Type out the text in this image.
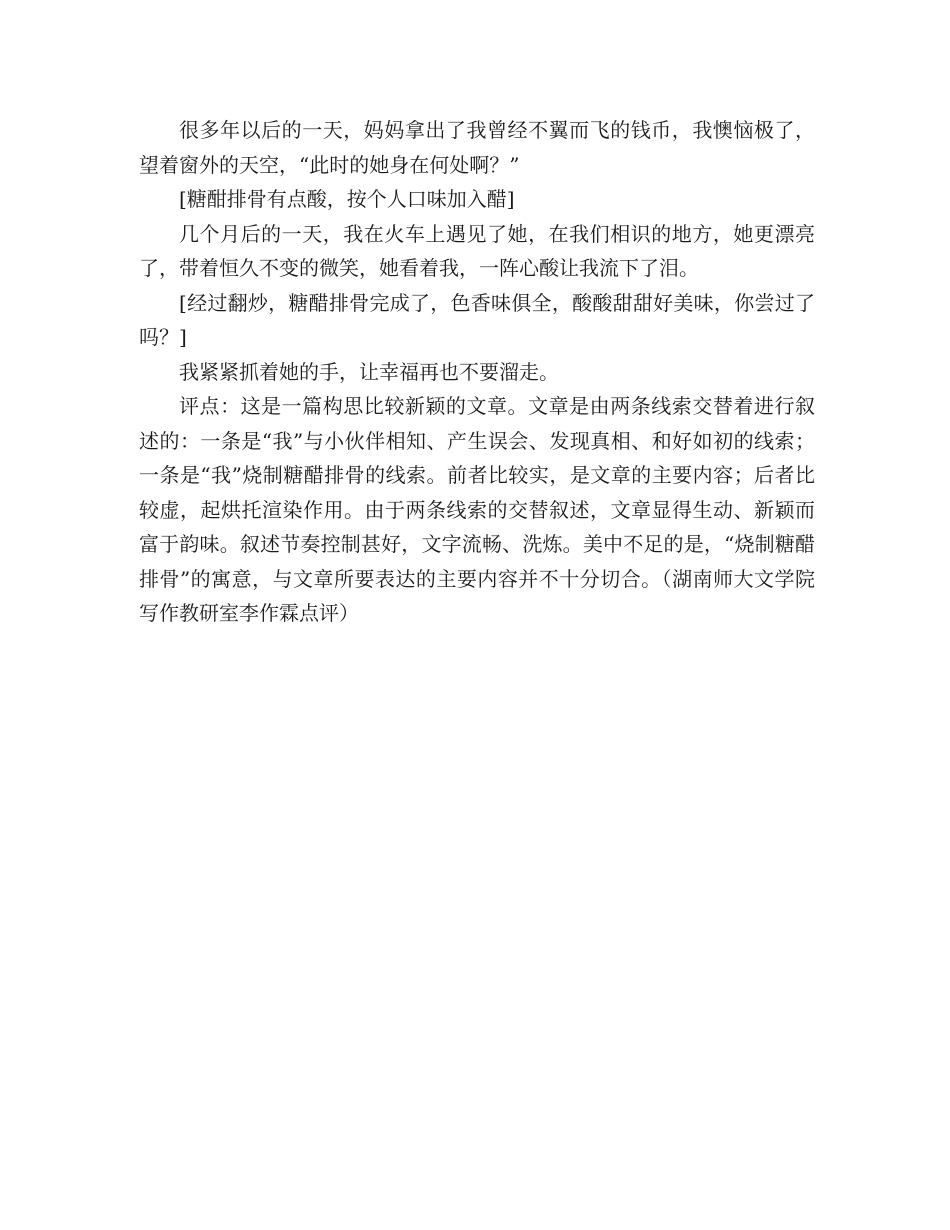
很多年以后的一天，妈妈拿出了我曾经不翼而飞的钱币，我懊恼极了，望着窗外的天空，“此时的她身在何处啊？”

[糖酣排骨有点酸，按个人口味加入醋]

几个月后的一天，我在火车上遇见了她，在我们相识的地方，她更漂亮了，带着恒久不变的微笑，她看着我，一阵心酸让我流下了泪。

[经过翻炒，糖醋排骨完成了，色香味俱全，酸酸甜甜好美味，你尝过了吗？]

我紧紧抓着她的手，让幸福再也不要溜走。

评点：这是一篇构思比较新颖的文章。文章是由两条线索交替着进行叙述的：一条是“我”与小伙伴相知、产生误会、发现真相、和好如初的线索；一条是“我”烧制糖醋排骨的线索。前者比较实，是文章的主要内容；后者比较虚，起烘托渲染作用。由于两条线索的交替叙述，文章显得生动、新颖而富于韵味。叙述节奏控制甚好，文字流畅、洗炼。美中不足的是，“烧制糖醋排骨”的寓意，与文章所要表达的主要内容并不十分切合。（湖南师大文学院写作教研室李作霖点评）
